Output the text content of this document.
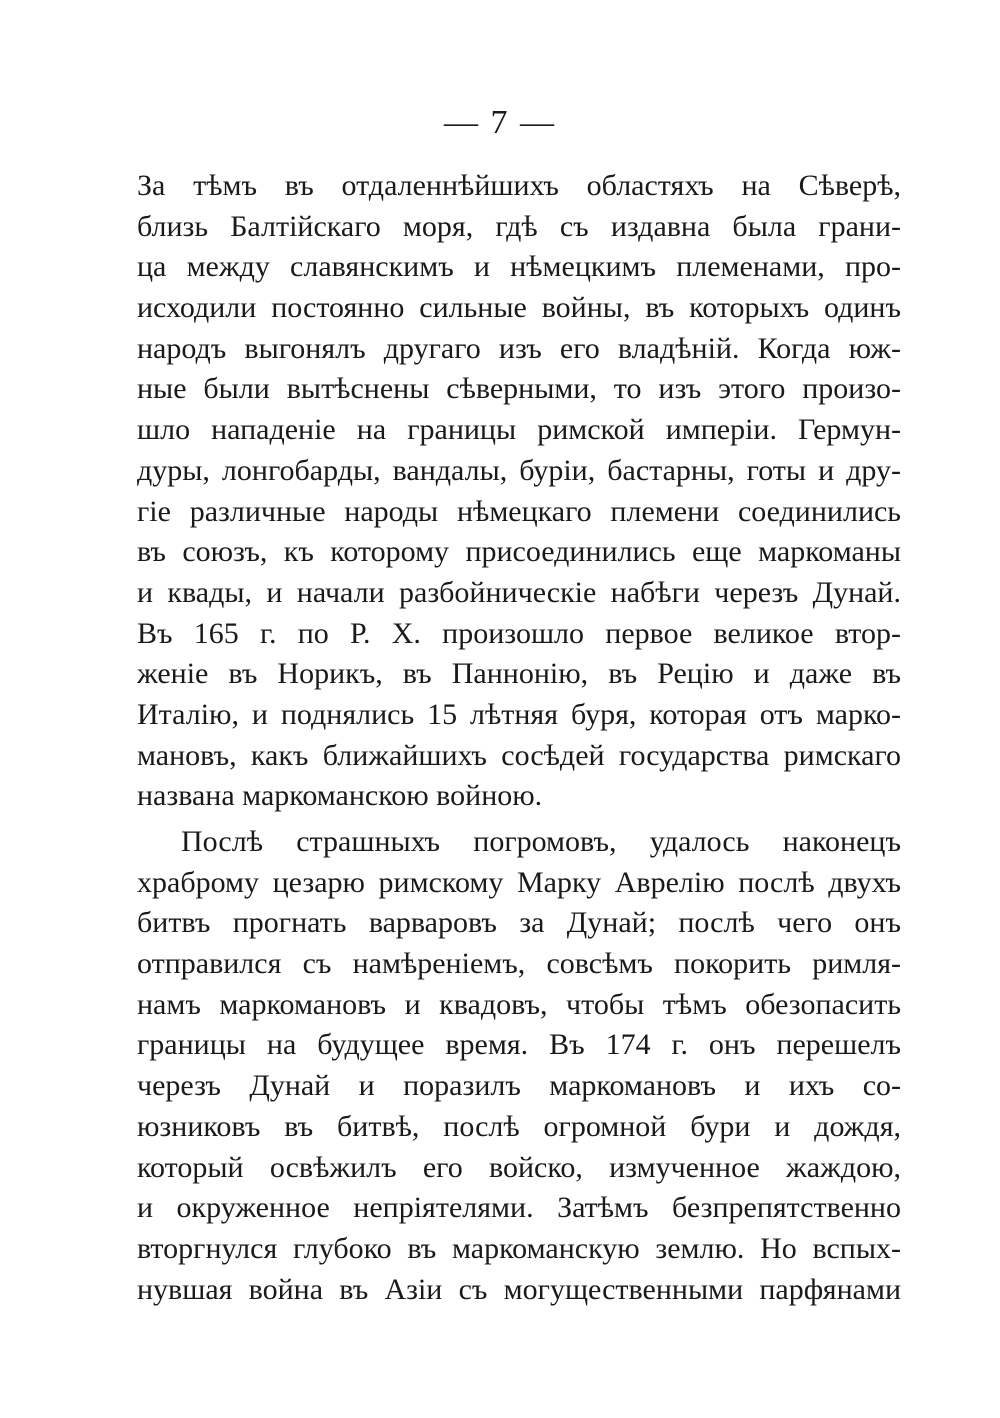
— 7 —
За тѣмъ въ отдаленнѣйшихъ областяхъ на Сѣверѣ,
близь Балтійскаго моря, гдѣ съ издавна была грани-
ца между славянскимъ и нѣмецкимъ племенами, про-
исходили постоянно сильные войны, въ которыхъ одинъ
народъ выгонялъ другаго изъ его владѣній. Когда юж-
ные были вытѣснены сѣверными, то изъ этого произо-
шло нападеніе на границы римской имперіи. Гермун-
дуры, лонгобарды, вандалы, буріи, бастарны, готы и дру-
гіе различные народы нѣмецкаго племени соединились
въ союзъ, къ которому присоединились еще маркоманы
и квады, и начали разбойническіе набѣги черезъ Дунай.
Въ 165 г. по Р. Х. произошло первое великое втор-
женіе въ Норикъ, въ Паннонію, въ Рецію и даже въ
Италію, и поднялись 15 лѣтняя буря, которая отъ марко-
мановъ, какъ ближайшихъ сосѣдей государства римскаго
названа маркоманскою войною.
Послѣ страшныхъ погромовъ, удалось наконецъ
храброму цезарю римскому Марку Аврелію послѣ двухъ
битвъ прогнать варваровъ за Дунай; послѣ чего онъ
отправился съ намѣреніемъ, совсѣмъ покорить римля-
намъ маркомановъ и квадовъ, чтобы тѣмъ обезопасить
границы на будущее время. Въ 174 г. онъ перешелъ
черезъ Дунай и поразилъ маркомановъ и ихъ со-
юзниковъ въ битвѣ, послѣ огромной бури и дождя,
который освѣжилъ его войско, измученное жаждою,
и окруженное непріятелями. Затѣмъ безпрепятственно
вторгнулся глубоко въ маркоманскую землю. Но вспых-
нувшая война въ Азіи съ могущественными парфянами
